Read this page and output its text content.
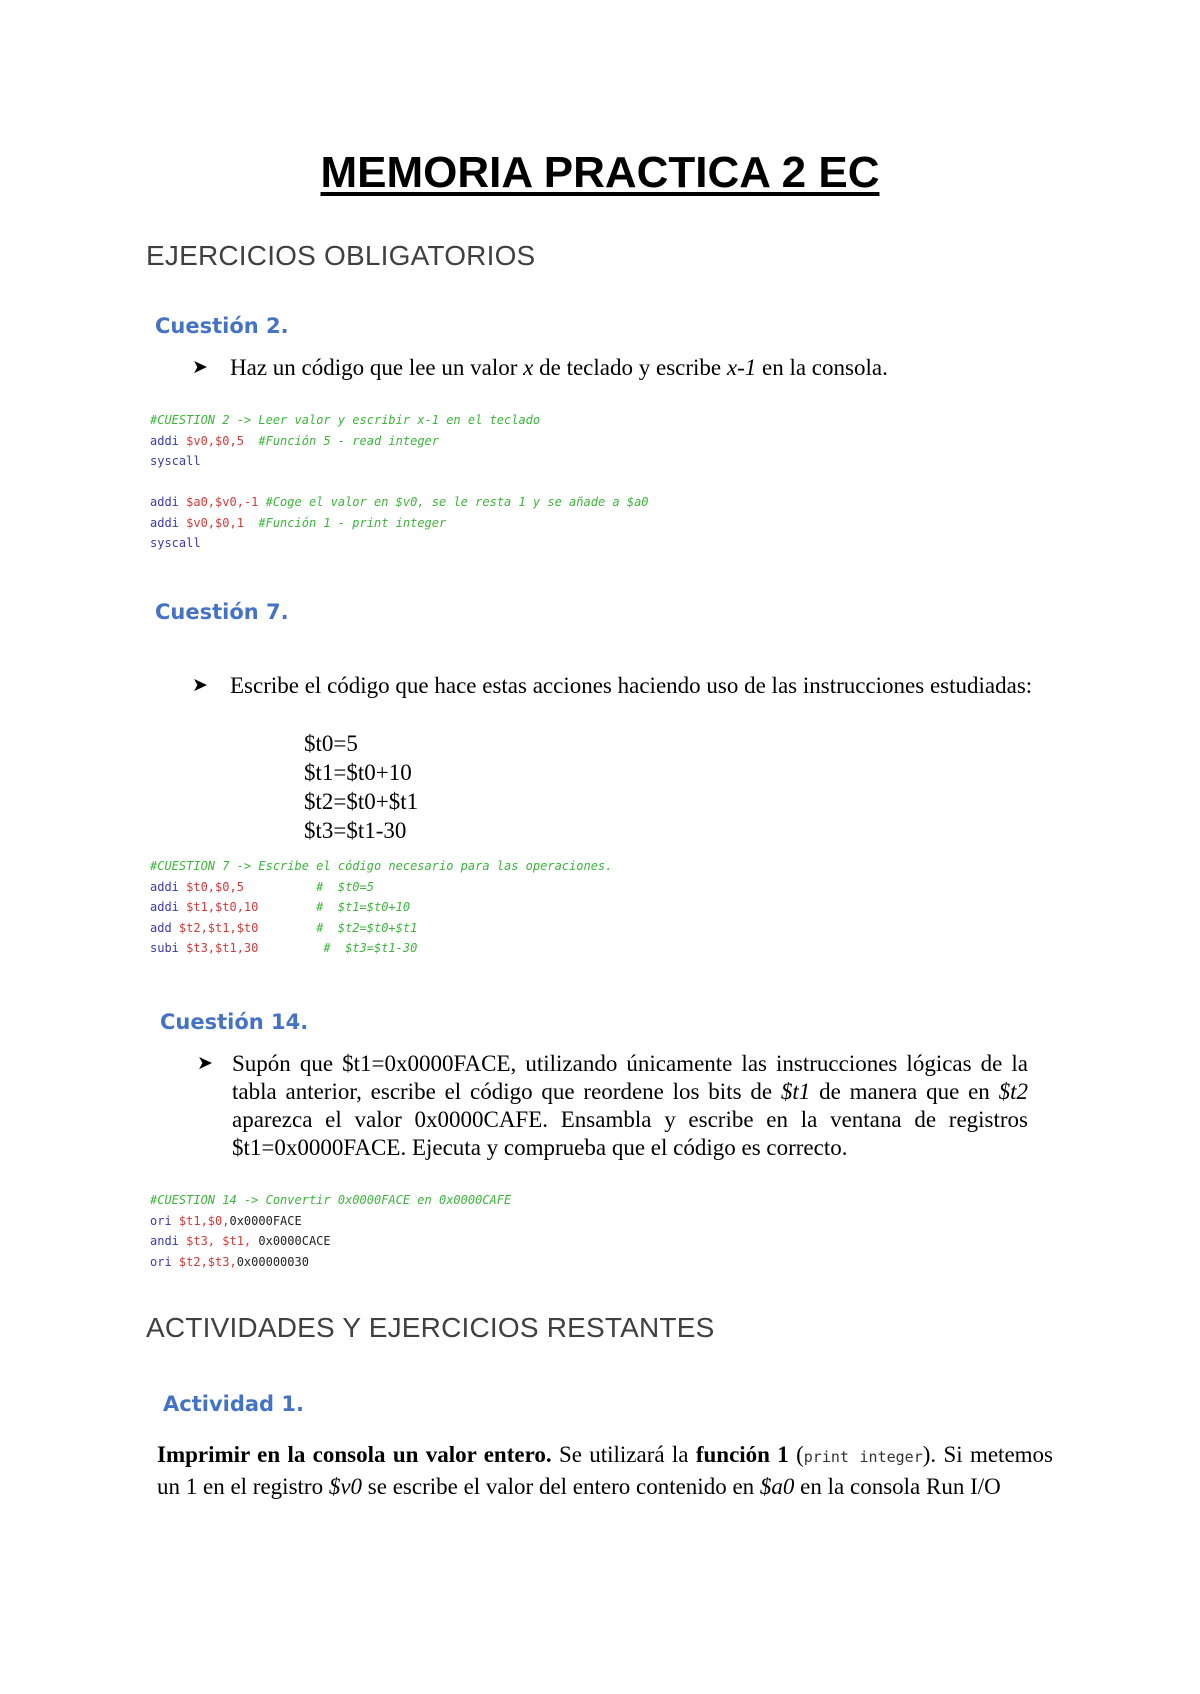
MEMORIA PRACTICA 2 EC
EJERCICIOS OBLIGATORIOS
Cuestión 2.
➤ Haz un código que lee un valor x de teclado y escribe x-1 en la consola.
#CUESTION 2 -> Leer valor y escribir x-1 en el teclado
addi $v0,$0,5 #Función 5 - read integer
syscall

addi $a0,$v0,-1 #Coge el valor en $v0, se le resta 1 y se añade a $a0
addi $v0,$0,1 #Función 1 - print integer
syscall
Cuestión 7.
➤ Escribe el código que hace estas acciones haciendo uso de las instrucciones estudiadas:
$t0=5
$t1=$t0+10
$t2=$t0+$t1
$t3=$t1-30
#CUESTION 7 -> Escribe el código necesario para las operaciones.
addi $t0,$0,5	#  $t0=5
addi $t1,$t0,10	#  $t1=$t0+10
add $t2,$t1,$t0	#  $t2=$t0+$t1
subi $t3,$t1,30	#  $t3=$t1-30
Cuestión 14.
➤ Supón que $t1=0x0000FACE, utilizando únicamente las instrucciones lógicas de la tabla anterior, escribe el código que reordene los bits de $t1 de manera que en $t2 aparezca el valor 0x0000CAFE. Ensambla y escribe en la ventana de registros $t1=0x0000FACE. Ejecuta y comprueba que el código es correcto.
#CUESTION 14 -> Convertir 0x0000FACE en 0x0000CAFE
ori $t1,$0,0x0000FACE
andi $t3, $t1, 0x0000CACE
ori $t2,$t3,0x00000030
ACTIVIDADES Y EJERCICIOS RESTANTES
Actividad 1.
Imprimir en la consola un valor entero. Se utilizará la función 1 (print integer). Si metemos un 1 en el registro $v0 se escribe el valor del entero contenido en $a0 en la consola Run I/O
